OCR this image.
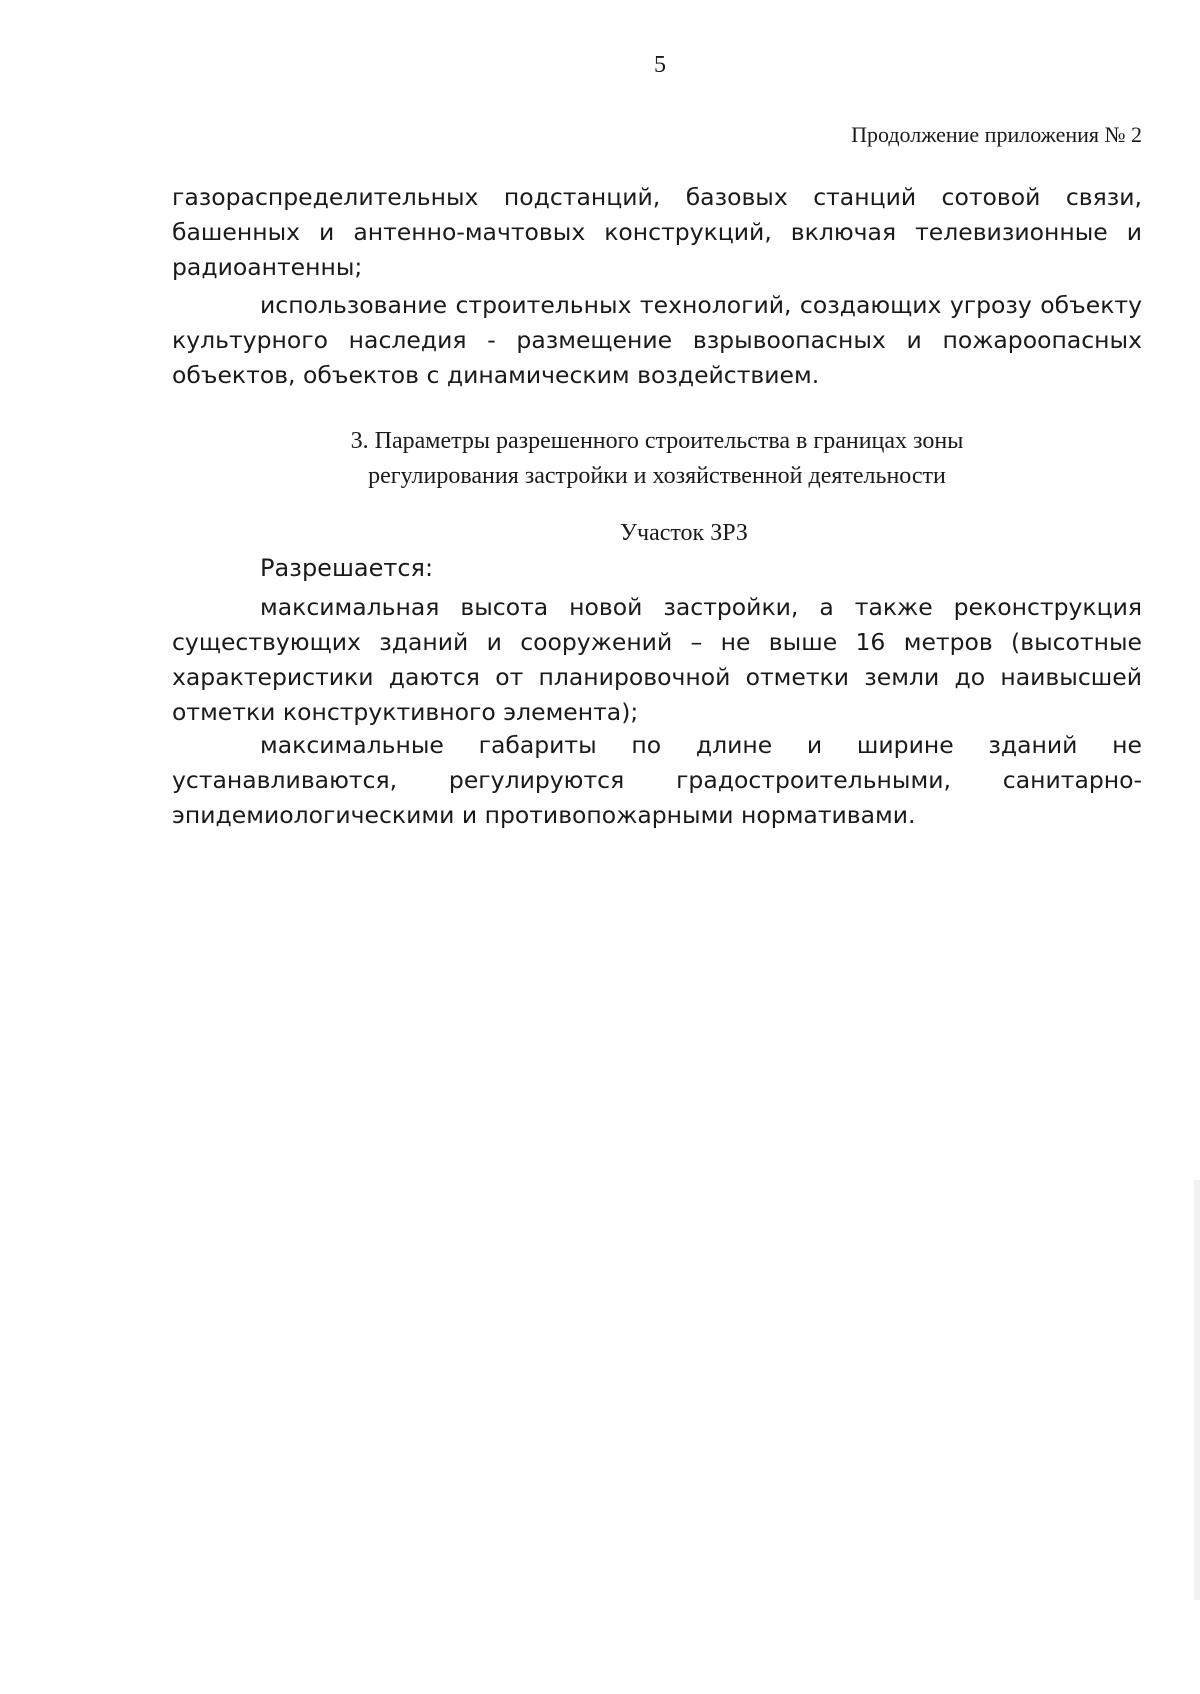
5
Продолжение приложения № 2
газораспределительных подстанций, базовых станций сотовой связи,
башенных и антенно-мачтовых конструкций, включая телевизионные и
радиоантенны;
использование строительных технологий, создающих угрозу объекту
культурного наследия - размещение взрывоопасных и пожароопасных
объектов, объектов с динамическим воздействием.
3. Параметры разрешенного строительства в границах зоны
регулирования застройки и хозяйственной деятельности
Участок ЗРЗ
Разрешается:
максимальная высота новой застройки, а также реконструкция
существующих зданий и сооружений – не выше 16 метров (высотные
характеристики даются от планировочной отметки земли до наивысшей
отметки конструктивного элемента);
максимальные габариты по длине и ширине зданий не
устанавливаются, регулируются градостроительными, санитарно-
эпидемиологическими и противопожарными нормативами.
